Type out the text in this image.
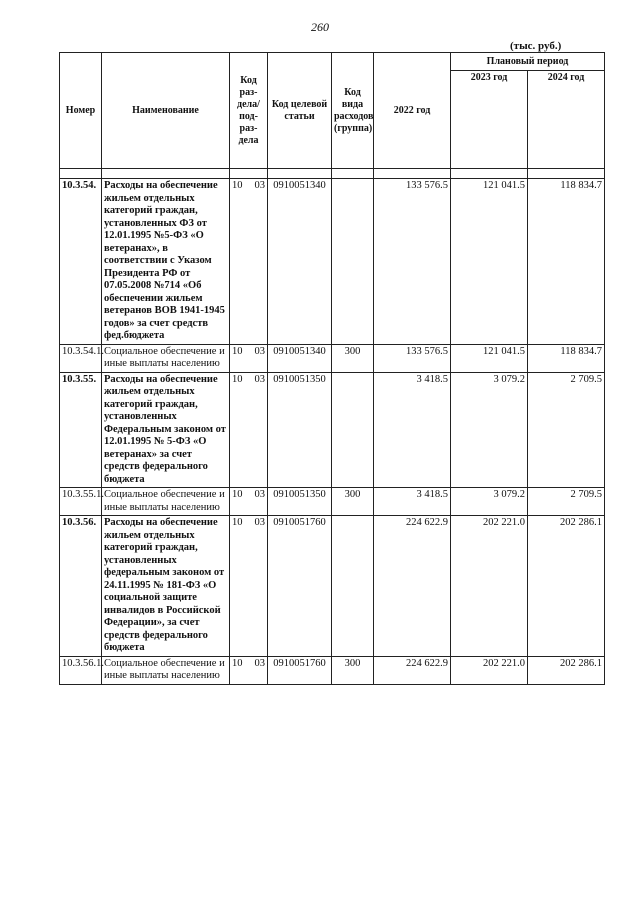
260
(тыс. руб.)
Номер	Наименование	Код раз- дела/ под- раз- дела	Код целевой статьи	Код вида расходов (группа)	2022 год	Плановый период	
						2023 год	2024 год

10.3.54.	Расходы на обеспечение жильем отдельных категорий граждан, установленных ФЗ от 12.01.1995 №5-ФЗ «О ветеранах», в соответствии с Указом Президента РФ от 07.05.2008 №714 «Об обеспечении жильем ветеранов ВОВ 1941-1945 годов» за счет средств фед.бюджета	10 03	0910051340		133 576.5	121 041.5	118 834.7
10.3.54.1.	Социальное обеспечение и иные выплаты населению	10 03	0910051340	300	133 576.5	121 041.5	118 834.7
10.3.55.	Расходы на обеспечение жильем отдельных категорий граждан, установленных Федеральным законом от 12.01.1995 № 5-ФЗ «О ветеранах» за счет средств федерального бюджета	10 03	0910051350		3 418.5	3 079.2	2 709.5
10.3.55.1.	Социальное обеспечение и иные выплаты населению	10 03	0910051350	300	3 418.5	3 079.2	2 709.5
10.3.56.	Расходы на обеспечение жильем отдельных категорий граждан, установленных федеральным законом от 24.11.1995 № 181-ФЗ «О социальной защите инвалидов в Российской Федерации», за счет средств федерального бюджета	10 03	0910051760		224 622.9	202 221.0	202 286.1
10.3.56.1.	Социальное обеспечение и иные выплаты населению	10 03	0910051760	300	224 622.9	202 221.0	202 286.1
